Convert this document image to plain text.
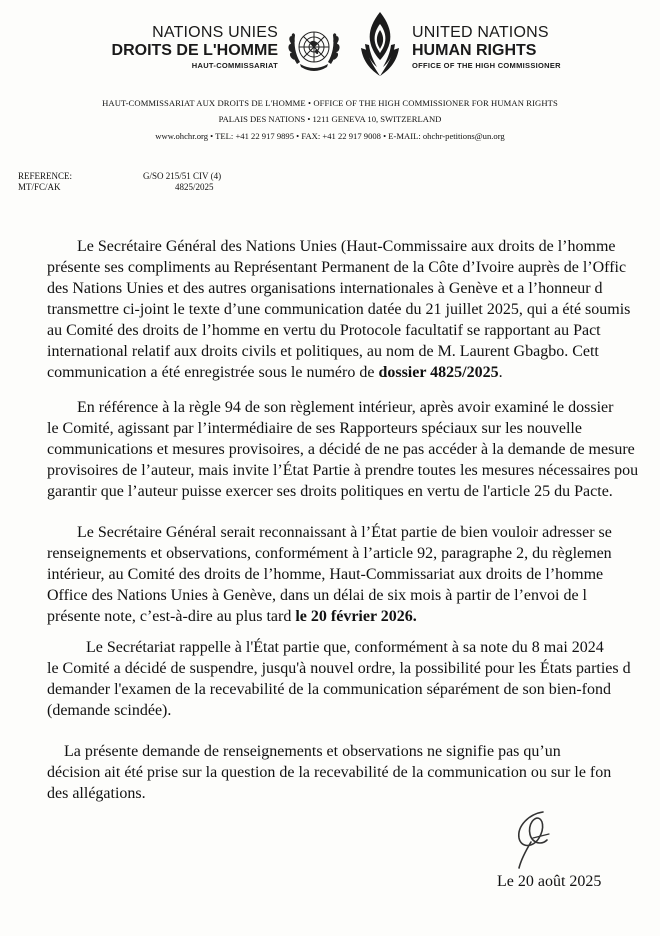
NATIONS UNIES
DROITS DE L'HOMME
HAUT-COMMISSARIAT
UNITED NATIONS
HUMAN RIGHTS
OFFICE OF THE HIGH COMMISSIONER
HAUT-COMMISSARIAT AUX DROITS DE L'HOMME • OFFICE OF THE HIGH COMMISSIONER FOR HUMAN RIGHTS
PALAIS DES NATIONS • 1211 GENEVA 10, SWITZERLAND
www.ohchr.org • TEL: +41 22 917 9895 • FAX: +41 22 917 9008 • E-MAIL: ohchr-petitions@un.org
REFERENCE:
MT/FC/AK
G/SO 215/51 CIV (4)
4825/2025
Le Secrétaire Général des Nations Unies (Haut-Commissaire aux droits de l’homme
présente ses compliments au Représentant Permanent de la Côte d’Ivoire auprès de l’Offic
des Nations Unies et des autres organisations internationales à Genève et a l’honneur d
transmettre ci-joint le texte d’une communication datée du 21 juillet 2025, qui a été soumis
au Comité des droits de l’homme en vertu du Protocole facultatif se rapportant au Pact
international relatif aux droits civils et politiques, au nom de M. Laurent Gbagbo. Cett
communication a été enregistrée sous le numéro de dossier 4825/2025.
En référence à la règle 94 de son règlement intérieur, après avoir examiné le dossier
le Comité, agissant par l’intermédiaire de ses Rapporteurs spéciaux sur les nouvelle
communications et mesures provisoires, a décidé de ne pas accéder à la demande de mesure
provisoires de l’auteur, mais invite l’État Partie à prendre toutes les mesures nécessaires pou
garantir que l’auteur puisse exercer ses droits politiques en vertu de l'article 25 du Pacte.
Le Secrétaire Général serait reconnaissant à l’État partie de bien vouloir adresser se
renseignements et observations, conformément à l’article 92, paragraphe 2, du règlemen
intérieur, au Comité des droits de l’homme, Haut-Commissariat aux droits de l’homme
Office des Nations Unies à Genève, dans un délai de six mois à partir de l’envoi de l
présente note, c’est-à-dire au plus tard le 20 février 2026.
Le Secrétariat rappelle à l'État partie que, conformément à sa note du 8 mai 2024
le Comité a décidé de suspendre, jusqu'à nouvel ordre, la possibilité pour les États parties d
demander l'examen de la recevabilité de la communication séparément de son bien-fond
(demande scindée).
La présente demande de renseignements et observations ne signifie pas qu’un
décision ait été prise sur la question de la recevabilité de la communication ou sur le fon
des allégations.
Le 20 août 2025
